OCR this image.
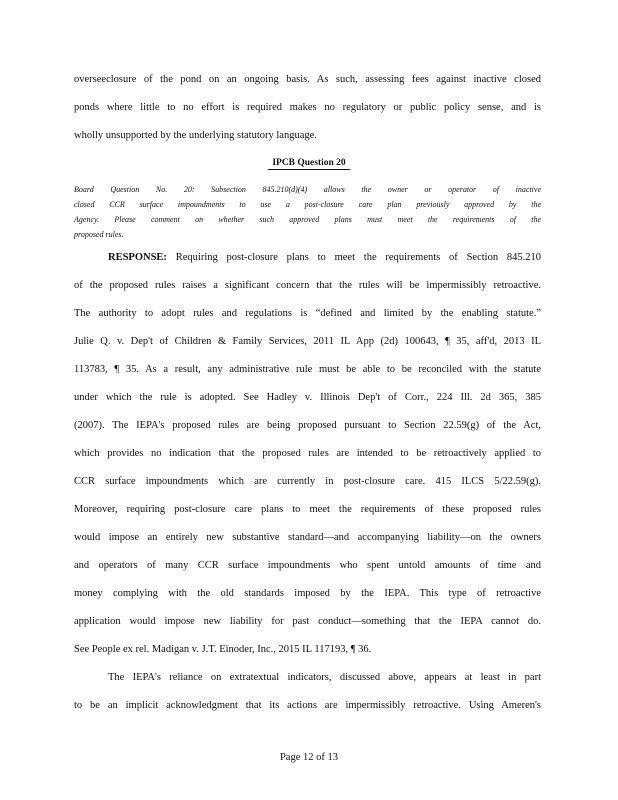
overseeclosure of the pond on an ongoing basis. As such, assessing fees against inactive closed
ponds where little to no effort is required makes no regulatory or public policy sense, and is
wholly unsupported by the underlying statutory language.
IPCB Question 20
Board Question No. 20: Subsection 845.210(d)(4) allows the owner or operator of inactive
closed CCR surface impoundments to use a post-closure care plan previously approved by the
Agency. Please comment on whether such approved plans must meet the requirements of the
proposed rules.
RESPONSE: Requiring post-closure plans to meet the requirements of Section 845.210
of the proposed rules raises a significant concern that the rules will be impermissibly retroactive.
The authority to adopt rules and regulations is “defined and limited by the enabling statute.”
Julie Q. v. Dep't of Children & Family Services, 2011 IL App (2d) 100643, ¶ 35, aff'd, 2013 IL
113783, ¶ 35. As a result, any administrative rule must be able to be reconciled with the statute
under which the rule is adopted. See Hadley v. Illinois Dep't of Corr., 224 Ill. 2d 365, 385
(2007). The IEPA's proposed rules are being proposed pursuant to Section 22.59(g) of the Act,
which provides no indication that the proposed rules are intended to be retroactively applied to
CCR surface impoundments which are currently in post-closure care. 415 ILCS 5/22.59(g).
Moreover, requiring post-closure care plans to meet the requirements of these proposed rules
would impose an entirely new substantive standard—and accompanying liability—on the owners
and operators of many CCR surface impoundments who spent untold amounts of time and
money complying with the old standards imposed by the IEPA. This type of retroactive
application would impose new liability for past conduct—something that the IEPA cannot do.
See People ex rel. Madigan v. J.T. Einoder, Inc., 2015 IL 117193, ¶ 36.
The IEPA's reliance on extratextual indicators, discussed above, appears at least in part
to be an implicit acknowledgment that its actions are impermissibly retroactive. Using Ameren's
Page 12 of 13
